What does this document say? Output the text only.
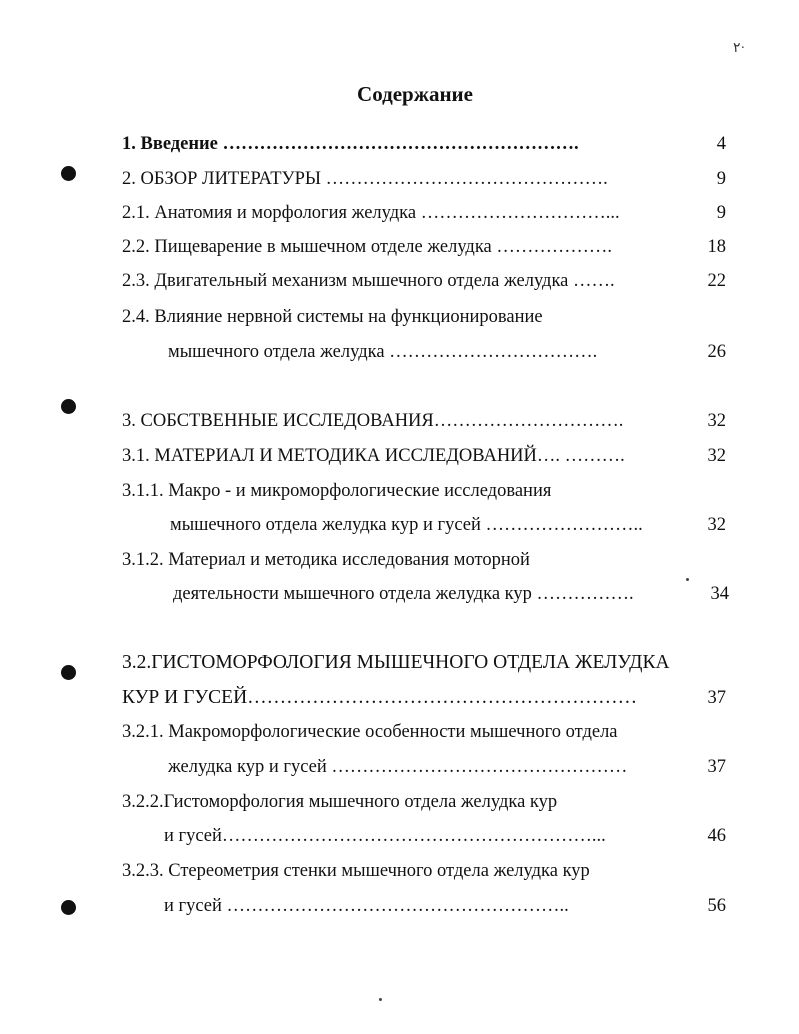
٢·
Содержание
1. Введение ………………………………………………….	4
2. ОБЗОР ЛИТЕРАТУРЫ ……………………………………….	9
2.1. Анатомия и морфология желудка …………………………...	9
2.2. Пищеварение в мышечном отделе желудка ……………….	18
2.3. Двигательный механизм мышечного отдела желудка …….	22
2.4. Влияние нервной системы на функционирование
мышечного отдела желудка …………………………….	26
3. СОБСТВЕННЫЕ ИССЛЕДОВАНИЯ………………………….	32
3.1. МАТЕРИАЛ И МЕТОДИКА ИССЛЕДОВАНИЙ…. ……….	32
3.1.1. Макро - и микроморфологические исследования
мышечного отдела желудка кур и гусей ……………………..	32
3.1.2. Материал и методика исследования моторной
деятельности мышечного отдела желудка кур …………….	34
3.2.ГИСТОМОРФОЛОГИЯ МЫШЕЧНОГО ОТДЕЛА ЖЕЛУДКА
КУР И ГУСЕЙ……………………………………………………	37
3.2.1. Макроморфологические особенности мышечного отдела
желудка кур и гусей …………………………………………	37
3.2.2.Гистоморфология мышечного отдела желудка кур
и гусей……………………………………………………...	46
3.2.3. Стереометрия стенки мышечного отдела желудка кур
и гусей ………………………………………………..	56
